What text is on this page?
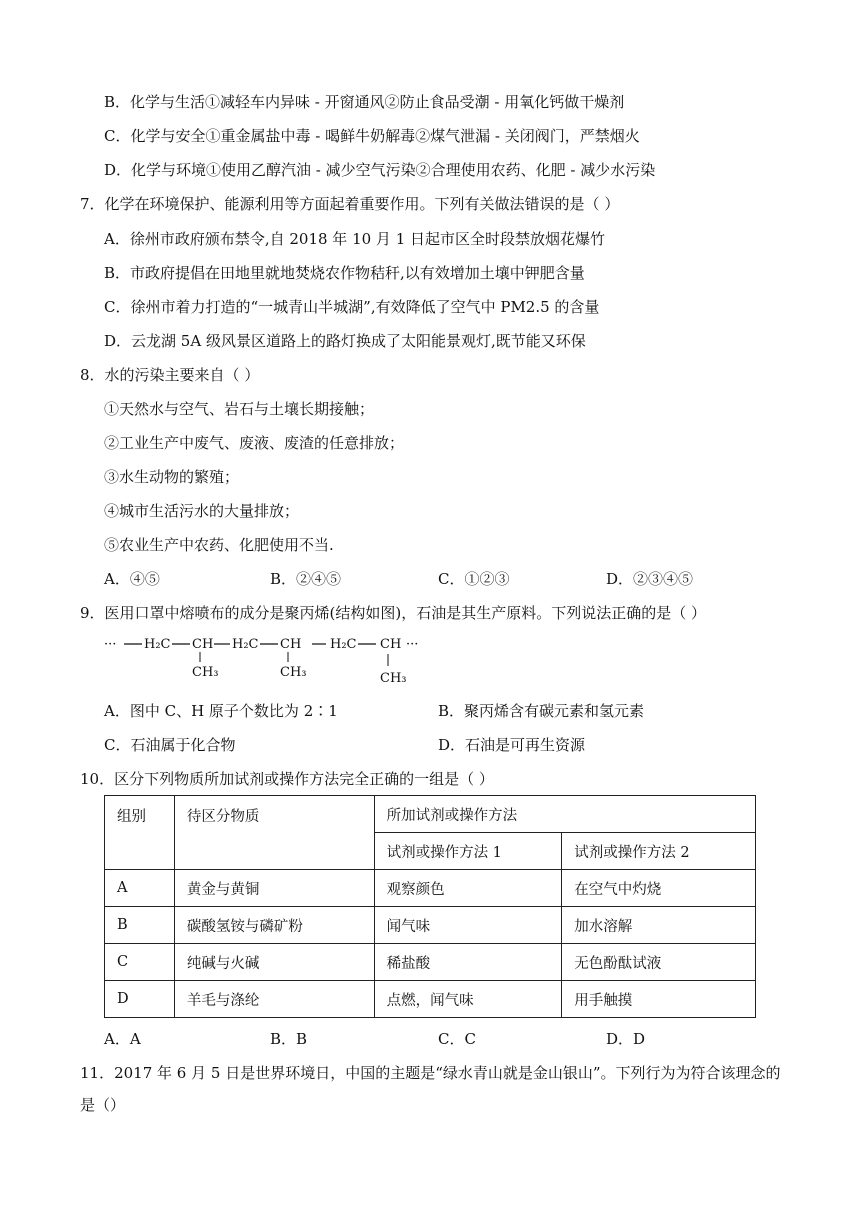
B．化学与生活①减轻车内异味 - 开窗通风②防止食品受潮 - 用氧化钙做干燥剂
C．化学与安全①重金属盐中毒 - 喝鲜牛奶解毒②煤气泄漏 - 关闭阀门，严禁烟火
D．化学与环境①使用乙醇汽油 - 减少空气污染②合理使用农药、化肥 - 减少水污染
7．化学在环境保护、能源利用等方面起着重要作用。下列有关做法错误的是（ ）
A．徐州市政府颁布禁令,自 2018 年 10 月 1 日起市区全时段禁放烟花爆竹
B．市政府提倡在田地里就地焚烧农作物秸秆,以有效增加土壤中钾肥含量
C．徐州市着力打造的“一城青山半城湖”,有效降低了空气中 PM2.5 的含量
D．云龙湖 5A 级风景区道路上的路灯换成了太阳能景观灯,既节能又环保
8．水的污染主要来自（ ）
①天然水与空气、岩石与土壤长期接触；
②工业生产中废气、废液、废渣的任意排放；
③水生动物的繁殖；
④城市生活污水的大量排放；
⑤农业生产中农药、化肥使用不当.
A．④⑤	B．②④⑤	C．①②③	D．②③④⑤
9．医用口罩中熔喷布的成分是聚丙烯(结构如图)，石油是其生产原料。下列说法正确的是（ ）
··· H₂C CH
CH₃
H₂C CH
CH₃
H₂C CH ···
CH₃
A．图中 C、H 原子个数比为 2∶1	B．聚丙烯含有碳元素和氢元素
C．石油属于化合物	D．石油是可再生资源
10．区分下列物质所加试剂或操作方法完全正确的一组是（ ）
组别	待区分物质	所加试剂或操作方法	
		试剂或操作方法 1	试剂或操作方法 2
A	黄金与黄铜	观察颜色	在空气中灼烧
B	碳酸氢铵与磷矿粉	闻气味	加水溶解
C	纯碱与火碱	稀盐酸	无色酚酞试液
D	羊毛与涤纶	点燃，闻气味	用手触摸
A．A	B．B	C．C	D．D
11．2017 年 6 月 5 日是世界环境日，中国的主题是“绿水青山就是金山银山”。下列行为为符合该理念的
是（）
